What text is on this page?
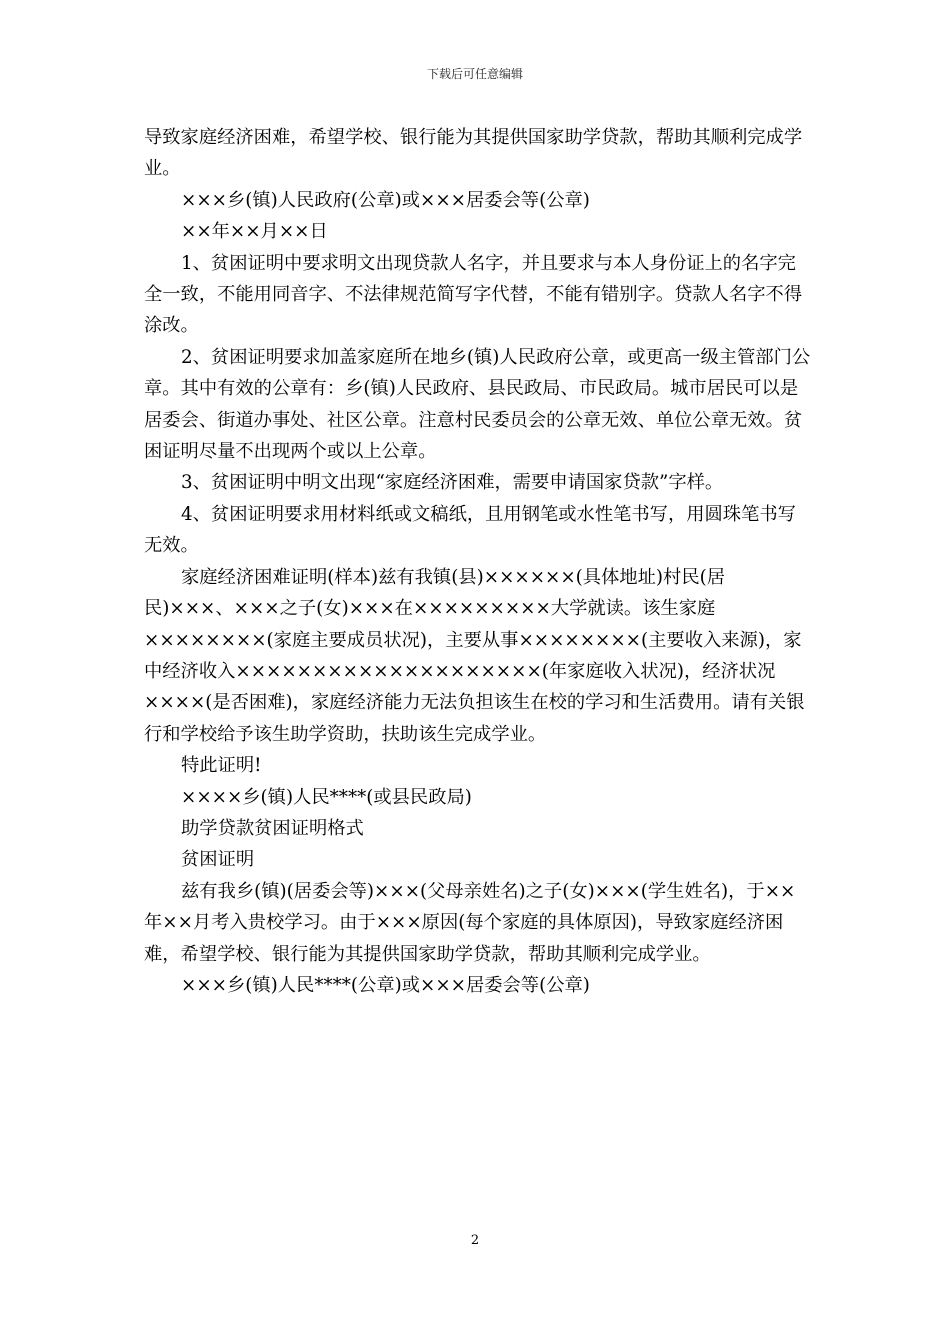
下载后可任意编辑

导致家庭经济困难，希望学校、银行能为其提供国家助学贷款，帮助其顺利完成学业。

×××乡(镇)人民政府(公章)或×××居委会等(公章)

××年××月××日

1、贫困证明中要求明文出现贷款人名字，并且要求与本人身份证上的名字完全一致，不能用同音字、不法律规范简写字代替，不能有错别字。贷款人名字不得涂改。

2、贫困证明要求加盖家庭所在地乡(镇)人民政府公章，或更高一级主管部门公章。其中有效的公章有：乡(镇)人民政府、县民政局、市民政局。城市居民可以是居委会、街道办事处、社区公章。注意村民委员会的公章无效、单位公章无效。贫困证明尽量不出现两个或以上公章。

3、贫困证明中明文出现“家庭经济困难，需要申请国家贷款”字样。

4、贫困证明要求用材料纸或文稿纸，且用钢笔或水性笔书写，用圆珠笔书写无效。

家庭经济困难证明(样本)兹有我镇(县)××××××(具体地址)村民(居民)×××、×××之子(女)×××在×××××××××大学就读。该生家庭××××××××(家庭主要成员状况)，主要从事××××××××(主要收入来源)，家中经济收入××××××××××××××××××××(年家庭收入状况)，经济状况××××(是否困难)，家庭经济能力无法负担该生在校的学习和生活费用。请有关银行和学校给予该生助学资助，扶助该生完成学业。

特此证明!

××××乡(镇)人民****(或县民政局)

助学贷款贫困证明格式

贫困证明

兹有我乡(镇)(居委会等)×××(父母亲姓名)之子(女)×××(学生姓名)，于××年××月考入贵校学习。由于×××原因(每个家庭的具体原因)，导致家庭经济困难，希望学校、银行能为其提供国家助学贷款，帮助其顺利完成学业。

×××乡(镇)人民****(公章)或×××居委会等(公章)

2
